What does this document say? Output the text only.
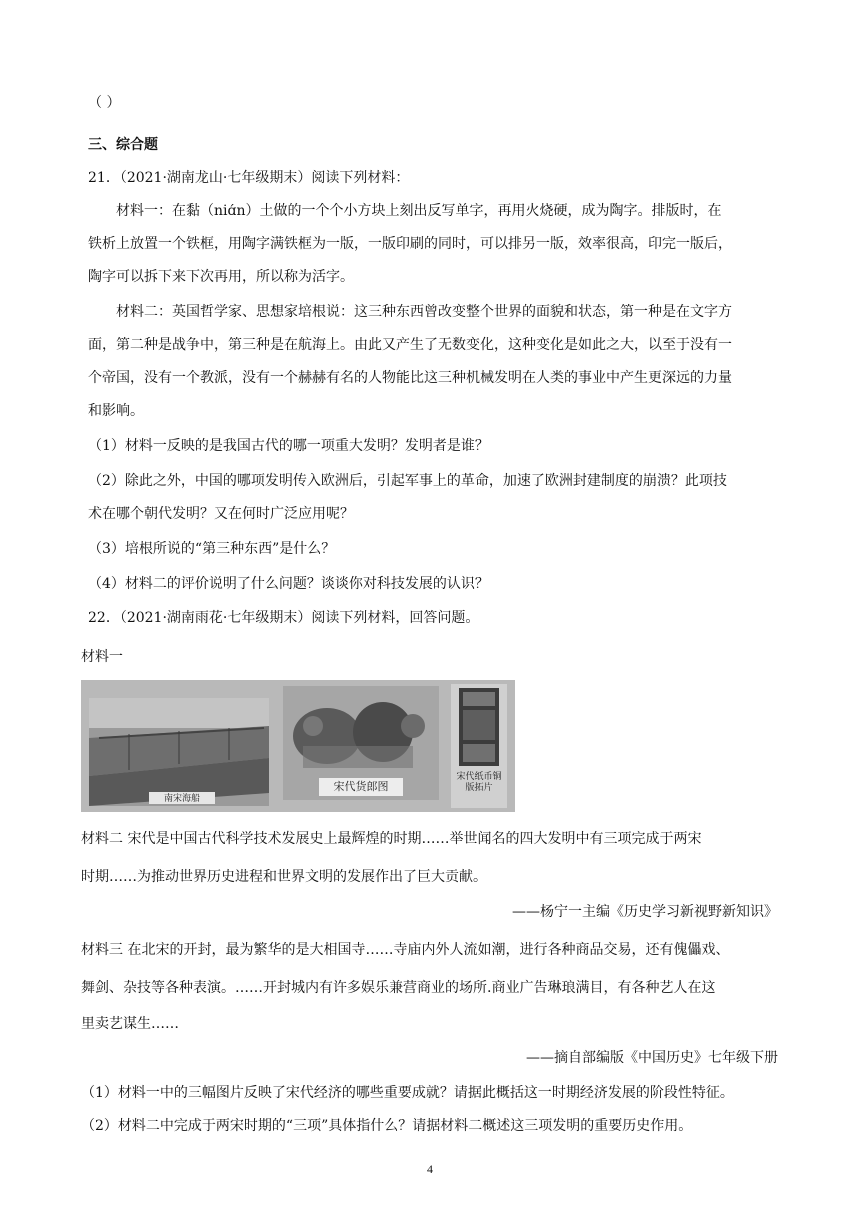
（ ）
三、综合题
21．（2021·湖南龙山·七年级期末）阅读下列材料：
材料一：在黏（niɑ́n）土做的一个个小方块上刻出反写单字，再用火烧硬，成为陶字。排版时，在
铁析上放置一个铁框，用陶字满铁框为一版，一版印刷的同时，可以排另一版，效率很高，印完一版后，
陶字可以拆下来下次再用，所以称为活字。
材料二：英国哲学家、思想家培根说：这三种东西曾改变整个世界的面貌和状态，第一种是在文字方
面，第二种是战争中，第三种是在航海上。由此又产生了无数变化，这种变化是如此之大，以至于没有一
个帝国，没有一个教派，没有一个赫赫有名的人物能比这三种机械发明在人类的事业中产生更深远的力量
和影响。
（1）材料一反映的是我国古代的哪一项重大发明？发明者是谁？
（2）除此之外，中国的哪项发明传入欧洲后，引起军事上的革命，加速了欧洲封建制度的崩溃？此项技
术在哪个朝代发明？又在何时广泛应用呢？
（3）培根所说的“第三种东西”是什么？
（4）材料二的评价说明了什么问题？谈谈你对科技发展的认识？
22．（2021·湖南雨花·七年级期末）阅读下列材料，回答问题。
材料一
南宋海船
宋代货郎图
宋代纸币铜版拓片
材料二 宋代是中国古代科学技术发展史上最辉煌的时期……举世闻名的四大发明中有三项完成于两宋
时期……为推动世界历史进程和世界文明的发展作出了巨大贡献。
——杨宁一主编《历史学习新视野新知识》
材料三 在北宋的开封，最为繁华的是大相国寺……寺庙内外人流如潮，进行各种商品交易，还有傀儡戏、
舞剑、杂技等各种表演。……开封城内有许多娱乐兼营商业的场所.商业广告琳琅满目，有各种艺人在这
里卖艺谋生……
——摘自部编版《中国历史》七年级下册
（1）材料一中的三幅图片反映了宋代经济的哪些重要成就？请据此概括这一时期经济发展的阶段性特征。
（2）材料二中完成于两宋时期的“三项”具体指什么？请据材料二概述这三项发明的重要历史作用。
4
